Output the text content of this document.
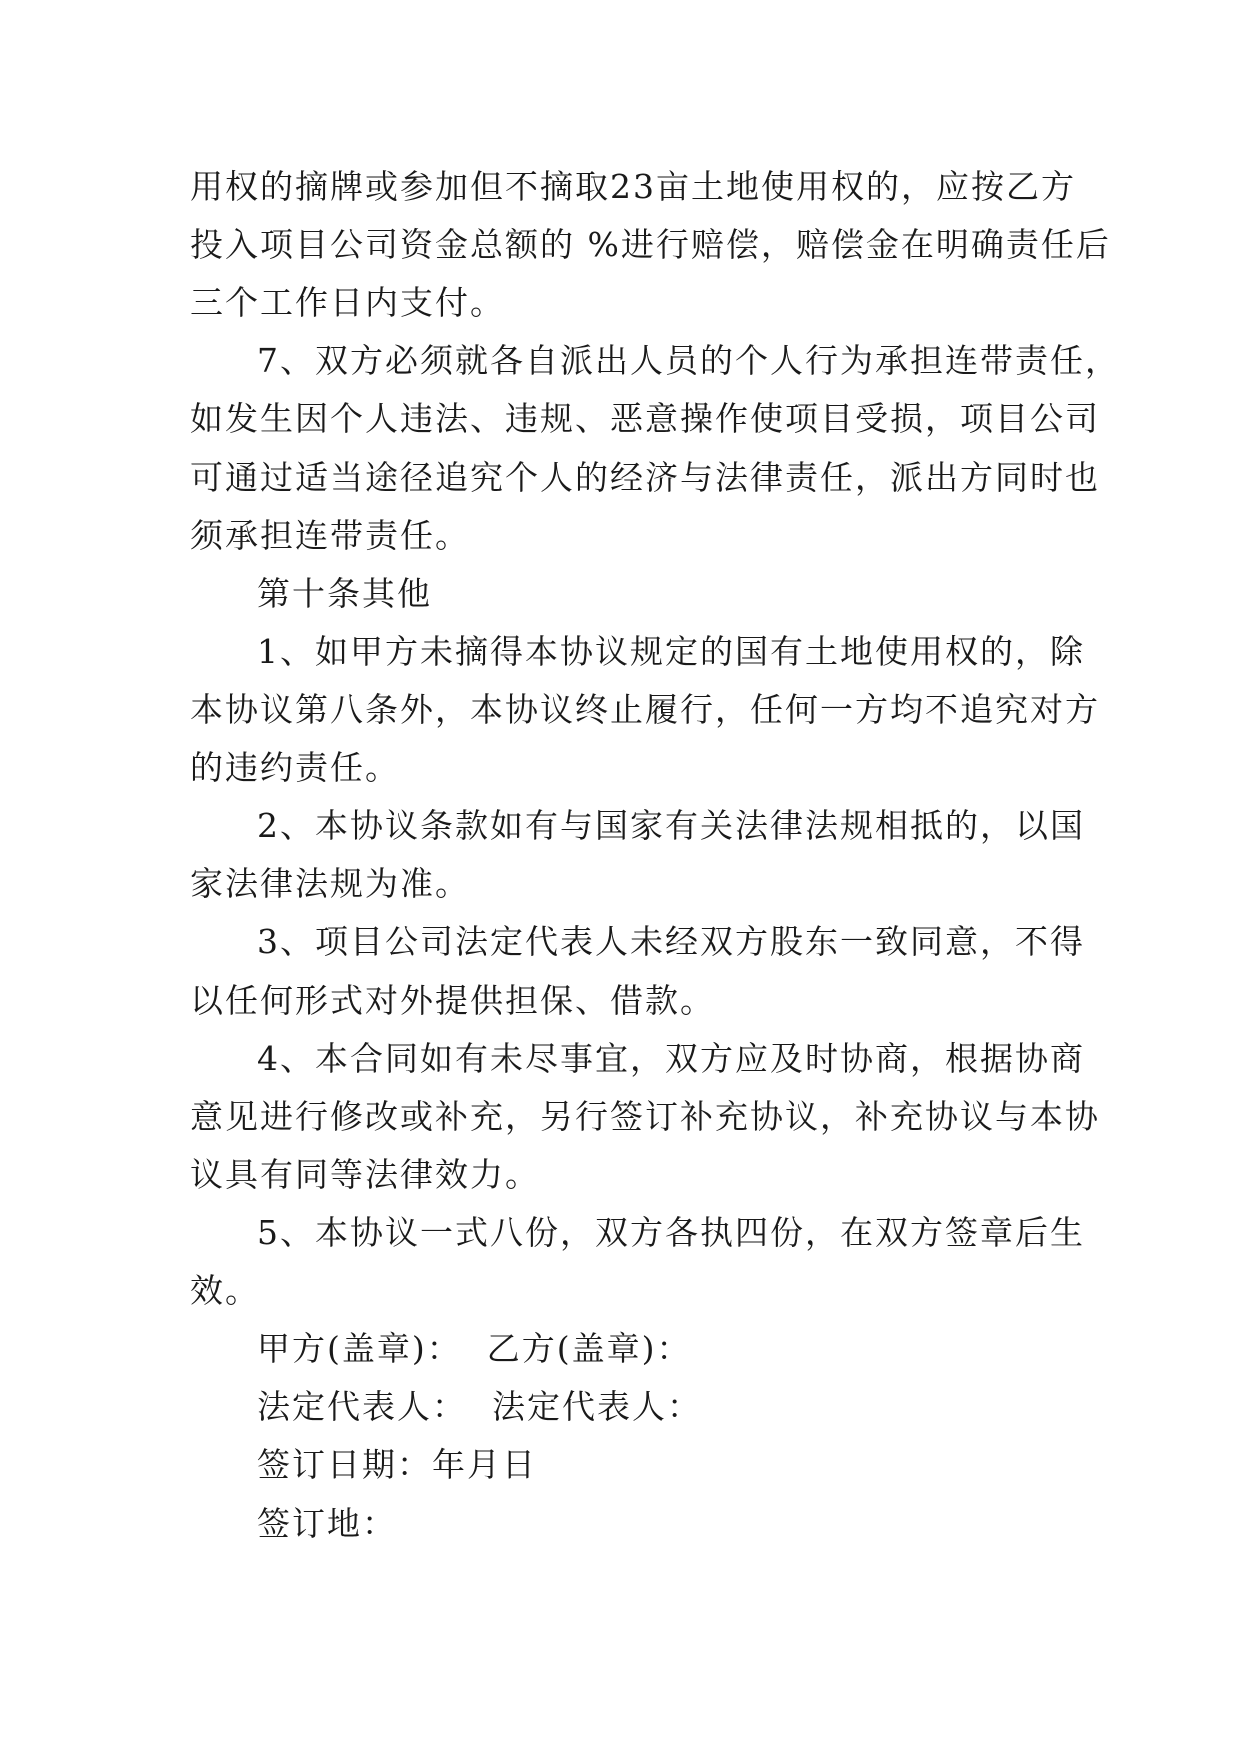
用权的摘牌或参加但不摘取23亩土地使用权的，应按乙方
投入项目公司资金总额的 %进行赔偿，赔偿金在明确责任后
三个工作日内支付。
7、双方必须就各自派出人员的个人行为承担连带责任，
如发生因个人违法、违规、恶意操作使项目受损，项目公司
可通过适当途径追究个人的经济与法律责任，派出方同时也
须承担连带责任。
第十条其他
1、如甲方未摘得本协议规定的国有土地使用权的，除
本协议第八条外，本协议终止履行，任何一方均不追究对方
的违约责任。
2、本协议条款如有与国家有关法律法规相抵的，以国
家法律法规为准。
3、项目公司法定代表人未经双方股东一致同意，不得
以任何形式对外提供担保、借款。
4、本合同如有未尽事宜，双方应及时协商，根据协商
意见进行修改或补充，另行签订补充协议，补充协议与本协
议具有同等法律效力。
5、本协议一式八份，双方各执四份，在双方签章后生
效。
甲方(盖章)：  乙方(盖章)：
法定代表人：  法定代表人：
签订日期：年月日
签订地：
